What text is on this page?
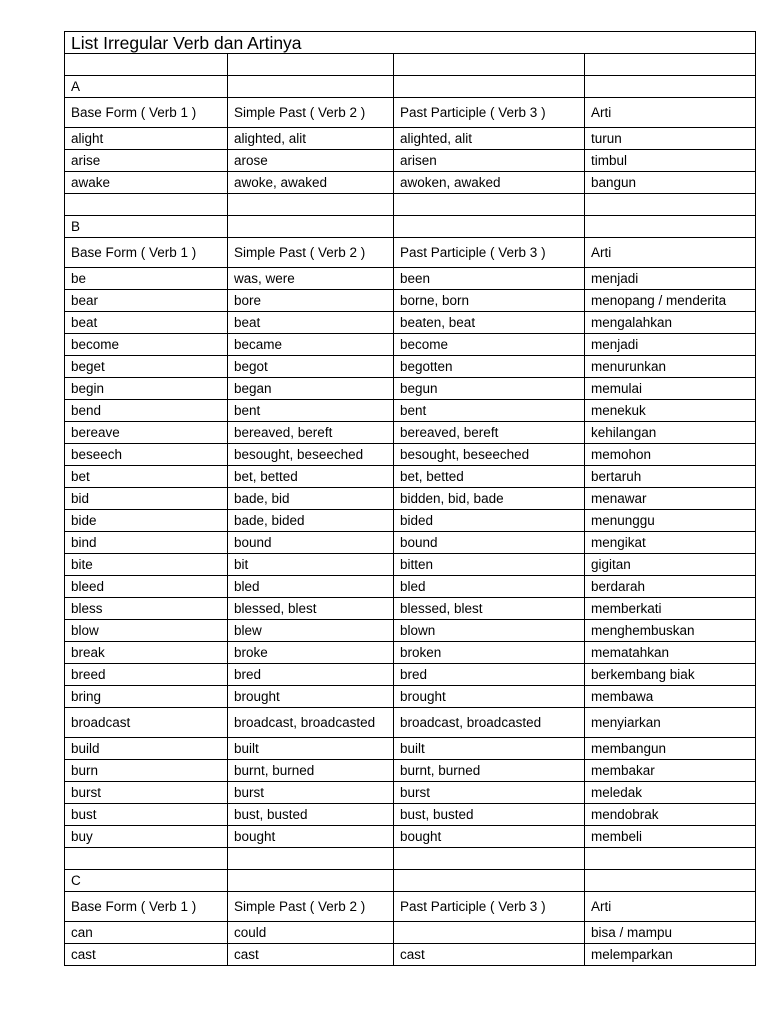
List Irregular Verb dan Artinya			

A			
Base Form ( Verb 1 )	Simple Past ( Verb 2 )	Past Participle ( Verb 3 )	Arti
alight	alighted, alit	alighted, alit	turun
arise	arose	arisen	timbul
awake	awoke, awaked	awoken, awaked	bangun

B			
Base Form ( Verb 1 )	Simple Past ( Verb 2 )	Past Participle ( Verb 3 )	Arti
be	was, were	been	menjadi
bear	bore	borne, born	menopang / menderita
beat	beat	beaten, beat	mengalahkan
become	became	become	menjadi
beget	begot	begotten	menurunkan
begin	began	begun	memulai
bend	bent	bent	menekuk
bereave	bereaved, bereft	bereaved, bereft	kehilangan
beseech	besought, beseeched	besought, beseeched	memohon
bet	bet, betted	bet, betted	bertaruh
bid	bade, bid	bidden, bid, bade	menawar
bide	bade, bided	bided	menunggu
bind	bound	bound	mengikat
bite	bit	bitten	gigitan
bleed	bled	bled	berdarah
bless	blessed, blest	blessed, blest	memberkati
blow	blew	blown	menghembuskan
break	broke	broken	mematahkan
breed	bred	bred	berkembang biak
bring	brought	brought	membawa
broadcast	broadcast, broadcasted	broadcast, broadcasted	menyiarkan
build	built	built	membangun
burn	burnt, burned	burnt, burned	membakar
burst	burst	burst	meledak
bust	bust, busted	bust, busted	mendobrak
buy	bought	bought	membeli

C			
Base Form ( Verb 1 )	Simple Past ( Verb 2 )	Past Participle ( Verb 3 )	Arti
can	could		bisa / mampu
cast	cast	cast	melemparkan
